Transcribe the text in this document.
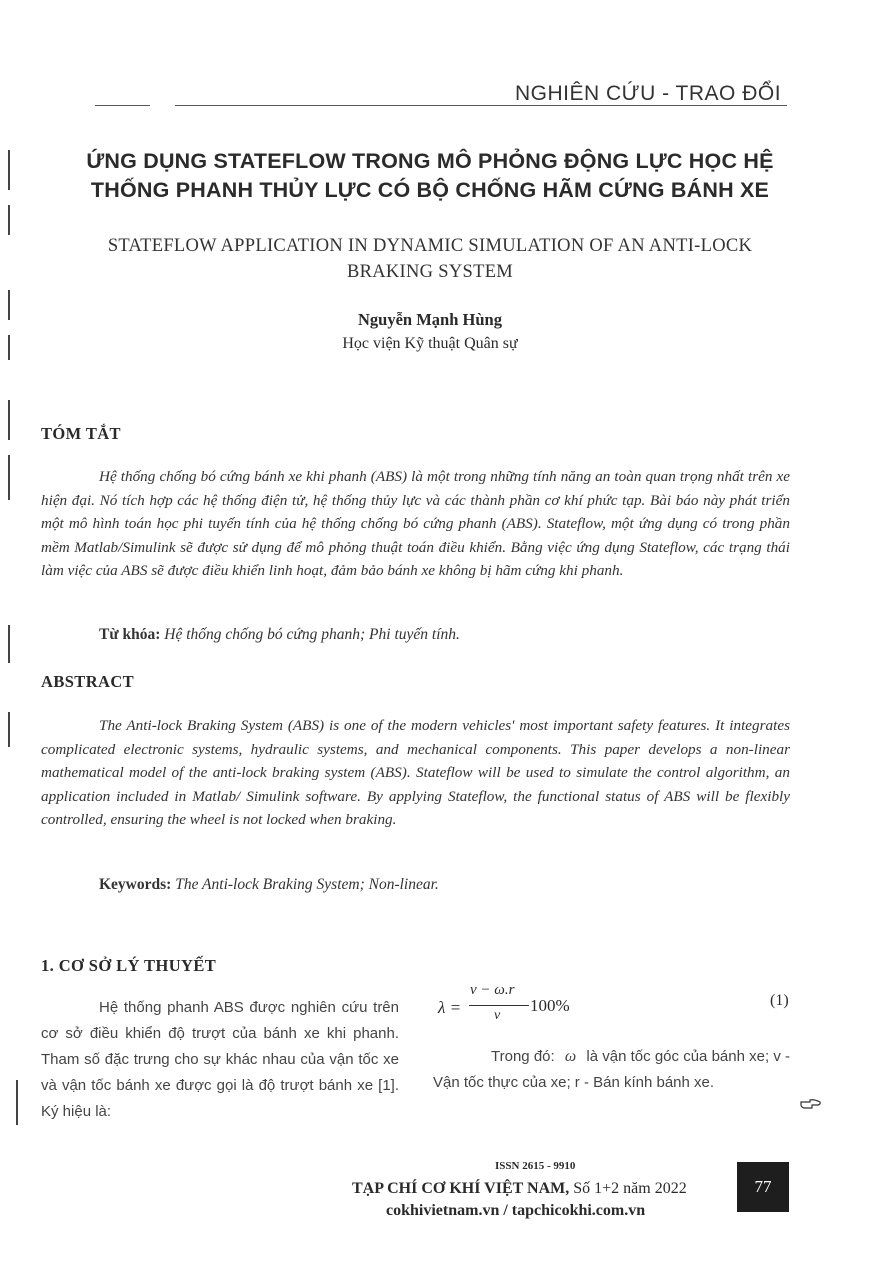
NGHIÊN CỨU - TRAO ĐỔI
ỨNG DỤNG STATEFLOW TRONG MÔ PHỎNG ĐỘNG LỰC HỌC HỆ
THỐNG PHANH THỦY LỰC CÓ BỘ CHỐNG HÃM CỨNG BÁNH XE
STATEFLOW APPLICATION IN DYNAMIC SIMULATION OF AN ANTI-LOCK
BRAKING SYSTEM
Nguyễn Mạnh Hùng
Học viện Kỹ thuật Quân sự
TÓM TẮT
Hệ thống chống bó cứng bánh xe khi phanh (ABS) là một trong những tính năng an toàn quan trọng nhất trên xe hiện đại. Nó tích hợp các hệ thống điện tử, hệ thống thủy lực và các thành phần cơ khí phức tạp. Bài báo này phát triển một mô hình toán học phi tuyến tính của hệ thống chống bó cứng phanh (ABS). Stateflow, một ứng dụng có trong phần mềm Matlab/Simulink sẽ được sử dụng để mô phỏng thuật toán điều khiển. Bằng việc ứng dụng Stateflow, các trạng thái làm việc của ABS sẽ được điều khiển linh hoạt, đảm bảo bánh xe không bị hãm cứng khi phanh.
Từ khóa: Hệ thống chống bó cứng phanh; Phi tuyến tính.
ABSTRACT
The Anti-lock Braking System (ABS) is one of the modern vehicles' most important safety features. It integrates complicated electronic systems, hydraulic systems, and mechanical components. This paper develops a non-linear mathematical model of the anti-lock braking system (ABS). Stateflow will be used to simulate the control algorithm, an application included in Matlab/ Simulink software. By applying Stateflow, the functional status of ABS will be flexibly controlled, ensuring the wheel is not locked when braking.
Keywords: The Anti-lock Braking System; Non-linear.
1. CƠ SỞ LÝ THUYẾT
Hệ thống phanh ABS được nghiên cứu trên cơ sở điều khiển độ trượt của bánh xe khi phanh. Tham số đặc trưng cho sự khác nhau của vận tốc xe và vận tốc bánh xe được gọi là độ trượt bánh xe [1]. Ký hiệu là:
λ =
v − ω.r
v
100%	(1)
Trong đó: ω là vận tốc góc của bánh xe; v - Vận tốc thực của xe; r - Bán kính bánh xe.
ISSN 2615 - 9910
TẠP CHÍ CƠ KHÍ VIỆT NAM, Số 1+2 năm 2022
cokhivietnam.vn / tapchicokhi.com.vn
77
